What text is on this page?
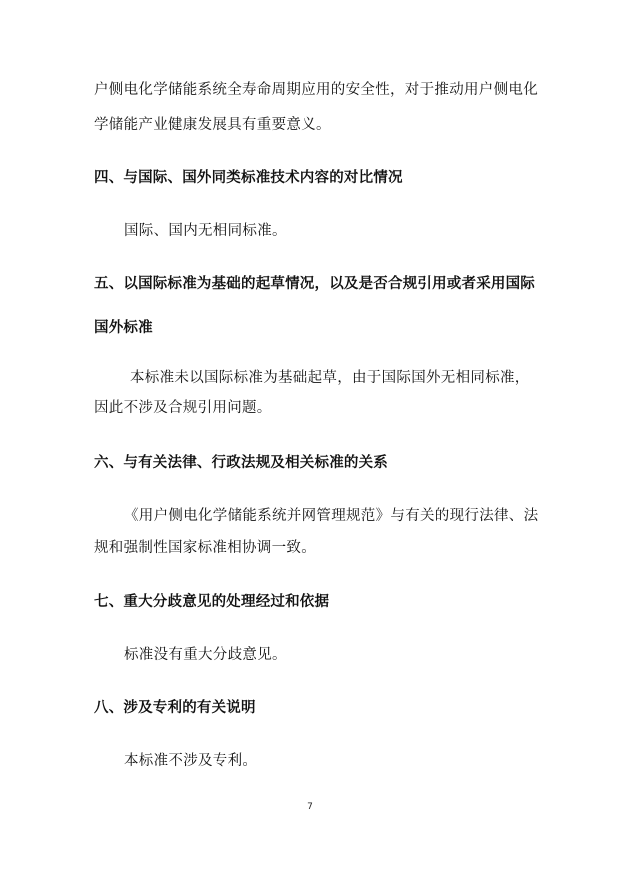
户侧电化学储能系统全寿命周期应用的安全性，对于推动用户侧电化
学储能产业健康发展具有重要意义。
四、与国际、国外同类标准技术内容的对比情况
国际、国内无相同标准。
五、以国际标准为基础的起草情况，以及是否合规引用或者采用国际
国外标准
本标准未以国际标准为基础起草，由于国际国外无相同标准，
因此不涉及合规引用问题。
六、与有关法律、行政法规及相关标准的关系
《用户侧电化学储能系统并网管理规范》与有关的现行法律、法
规和强制性国家标准相协调一致。
七、重大分歧意见的处理经过和依据
标准没有重大分歧意见。
八、涉及专利的有关说明
本标准不涉及专利。
7
